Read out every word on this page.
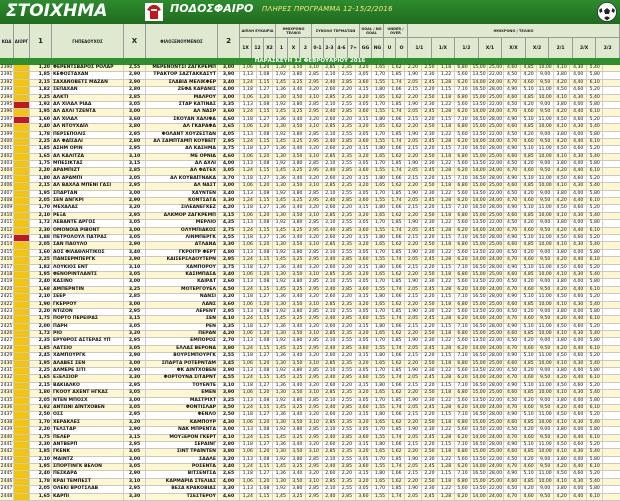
ΣΤΟΙΧΗΜΑ	ΠΟΔΟΣΦΑΙΡΟ ΠΛΗΡΕΣ ΠΡΟΓΡΑΜΜΑ 12-15/2/2016
ΚΩΔ ΔΙΟΡΓ	1	ΓΗΠΕΔΟΥΧΟΣ	Χ	ΦΙΛΟΞΕΝΟΥΜΕΝΟΣ	2
ΔΙΠΛΗ ΕΥΚΑΙΡΙΑ
1X	12	X2
ΗΜΙΧΡΟΝΟ ΤΕΛΙΚΟ
1	X	2
ΣΥΝΟΛΟ ΤΕΡΜΑΤΩΝ
0-1 2-3 4-6 7+
GOAL / NO GOAL
GG	NG
UNDER / OVER
U	O
ΗΜΙΧΡΟΝΟ / ΤΕΛΙΚΟ
1/1	1/X	1/2	X/1	X/X	X/2	2/1	2/X	2/2
ΠΑΡΑΣΚΕΥΗ 12 ΦΕΒΡΟΥΑΡΙΟΥ 2016
2390	1,20 ΦΕΡΕΝΤΣΒΑΡΟΣ ΡΟΛΑΡ	2,55	ΜΕΡΕΝΟΝΤΣΙ ΖΑΓΚΡΕΜΠ	3,00	1,06	1,20	1,30	3,50	3,10	2,85	2,35	3,20	1,65	1,62	2,20	2,50	1,18	6,80	15,00 25,00	4,60	4,85	10,00	4,10	4,30	5,40
2391	1,85 ΚΕΦΟΣΤΑΧΑΝ	2,90	ΤΡΑΚΤΟΡ ΣΑΖΤΑΚΚΑΣΥΤ	3,90	1,13	1,08	1,92	3,80	2,85	2,10	2,55	3,05	1,70	1,85	1,90	2,30	1,22	5,60	13,50 22,00	4,50	4,20	9,00	3,80	4,00	5,80
2392	2,15 ΣΑΧΑΝΟΒΕΤΣ ΜΑΖΑΝ	2,90	ΣΛΑΒΙΑ ΜΕΛΙΚΦΕΡ	3,40	1,24	1,15	1,45	3,25	2,95	2,40	2,85	3,60	1,55	1,74	2,05	2,45	1,28	6,20	14,00 24,00	4,70	4,60	9,50	4,20	4,40	6,10
2393	1,82 ΣΕΠΑΧΑΝ	2,80	ΖΕΦΑ ΚΑΡΑΝΙΣ	4,00	1,18	1,27	1,36	3,40	3,20	2,60	2,20	3,15	1,80	1,66	2,15	2,20	1,15	7,10	16,50 28,00	4,90	5,10	11,00	4,50	4,60	5,20
2394	2,25 ΑΛΚΤΙ	2,85	ΜΑΛΡΟΥ	3,00	1,06	1,20	1,30	3,50	3,10	2,85	2,35	3,20	1,65	1,62	2,20	2,50	1,18	6,80	15,00 25,00	4,60	4,85	10,00	4,10	4,30	5,40
2395	1,92 ΑΛ ΧΙΛΑΛ ΡΙΑΔ	3,05	ΣΤΑΡ ΚΑΤΙΝΑΣ	3,35	1,13	1,08	1,92	3,80	2,85	2,10	2,55	3,05	1,70	1,85	1,90	2,30	1,22	5,60	13,50 22,00	4,50	4,20	9,00	3,80	4,00	5,80
2396	1,95 ΑΛ ΑΧΛΙ ΤΖΕΝΤΑ	3,00	ΑΛ ΝΑΣΡ	3,60	1,24	1,15	1,45	3,25	2,95	2,40	2,85	3,60	1,55	1,74	2,05	2,45	1,28	6,20	14,00 24,00	4,70	4,60	9,50	4,20	4,40	6,10
2397	1,60 ΑΛ ΧΙΛΑΛ	3,60	ΣΚΟΥΑΝ ΧΑΛΙΦΑ	4,60	1,18	1,27	1,36	3,40	3,20	2,60	2,20	3,15	1,80	1,66	2,15	2,20	1,15	7,10	16,50 28,00	4,90	5,10	11,00	4,50	4,60	5,20
2398	2,40 ΑΛ ΝΤΟΥΧΑΪΛ	2,80	ΑΛ ΓΚΑΡΑΦΑ	2,65	1,06	1,20	1,30	3,50	3,10	2,85	2,35	3,20	1,65	1,62	2,20	2,50	1,18	6,80	15,00 25,00	4,60	4,85	10,00	4,10	4,30	5,40
2399	1,78 ΠΕΡΣΕΠΟΛΙΣ	2,95	ΦΟΛΑΝΤ ΧΟΥΖΕΣΤΑΝ	4,05	1,13	1,08	1,92	3,80	2,85	2,10	2,55	3,05	1,70	1,85	1,90	2,30	1,22	5,60	13,50 22,00	4,50	4,20	9,00	3,80	4,00	5,80
2400	2,25 ΑΛ ΦΑΪΣΑΛΙ	2,80	ΑΛ ΣΑΜΠΤΑΜΠ ΚΟΥΒΕΪΤ	2,95	1,24	1,15	1,45	3,25	2,95	2,40	2,85	3,60	1,55	1,74	2,05	2,45	1,28	6,20	14,00 24,00	4,70	4,60	9,50	4,20	4,40	6,10
2401	1,85 ΑΣΗΜ ΟΡΙΝ	2,95	ΑΛ ΚΑΣΗΜΑ	3,75	1,18	1,27	1,36	3,40	3,20	2,60	2,20	3,15	1,80	1,66	2,15	2,20	1,15	7,10	16,50 28,00	4,90	5,10	11,00	4,50	4,60	5,20
2402	1,65 ΑΛ ΚΑΛΙΤΖΑ	3,10	ΜΕ ΟΡΝΙΑ	4,60	1,06	1,20	1,30	3,50	3,10	2,85	2,35	3,20	1,65	1,62	2,20	2,50	1,18	6,80	15,00 25,00	4,60	4,85	10,00	4,10	4,30	5,40
2403	1,75 ΜΠΕΣΙΚΤΑΣ	3,15	ΑΛ ΑΧΛΙ	4,00	1,13	1,08	1,92	3,80	2,85	2,10	2,55	3,05	1,70	1,85	1,90	2,30	1,22	5,60	13,50 22,00	4,50	4,20	9,00	3,80	4,00	5,80
2404	2,20 ΑΡΑΜΠΙΖΤ	2,85	ΑΛ ΦΑΤΕΧ	3,05	1,24	1,15	1,45	3,25	2,95	2,40	2,85	3,60	1,55	1,74	2,05	2,45	1,28	6,20	14,00 24,00	4,70	4,60	9,50	4,20	4,40	6,10
2405	1,80 ΑΛ ΑΡΑΜΠΙ	3,05	ΑΛ ΚΟΥΒΑΪΤΝΑΚΑ	3,70	1,18	1,27	1,36	3,40	3,20	2,60	2,20	3,15	1,80	1,66	2,15	2,20	1,15	7,10	16,50 28,00	4,90	5,10	11,00	4,50	4,60	5,20
2406	2,15 ΑΛ ΒΑΧΛΑ ΜΠΕΝΙ ΓΑΣΙ	2,95	ΑΛ ΝΑΣΤ	3,00	1,06	1,20	1,30	3,50	3,10	2,85	2,35	3,20	1,65	1,62	2,20	2,50	1,18	6,80	15,00 25,00	4,60	4,85	10,00	4,10	4,30	5,40
2407	1,95 ΣΠΑΡΤΑΝ	3,00	ΧΑΥΝΤΕΝ	3,40	1,13	1,08	1,92	3,80	2,85	2,10	2,55	3,05	1,70	1,85	1,90	2,30	1,22	5,60	13,50 22,00	4,50	4,20	9,00	3,80	4,00	5,80
2408	2,05 ΣΕΝ ΑΝΓΚΡΙ	2,90	ΚΟΝΤΣΑΤΑ	3,30	1,24	1,15	1,45	3,25	2,95	2,40	2,85	3,60	1,55	1,74	2,05	2,45	1,28	6,20	14,00 24,00	4,70	4,60	9,50	4,20	4,40	6,10
2409	1,70 ΜΕΧΑΛΑΣ	3,20	ΣΙΛΕΑΝΕΓΚΕΖ	4,20	1,18	1,27	1,36	3,40	3,20	2,60	2,20	3,15	1,80	1,66	2,15	2,20	1,15	7,10	16,50 28,00	4,90	5,10	11,00	4,50	4,60	5,20
2410	2,10 ΡΕΞΑ	2,95	ΑΛΚΜΟΡ ΖΑΓΚΡΕΜΠ	3,15	1,06	1,20	1,30	3,50	3,10	2,85	2,35	3,20	1,65	1,62	2,20	2,50	1,18	6,80	15,00 25,00	4,60	4,85	10,00	4,10	4,30	5,40
2411	1,72 ΛΕΒΑΝΤΕ ΑΡΓΟΣ	3,05	ΜΕΡΛΙΟ	4,35	1,13	1,08	1,92	3,80	2,85	2,10	2,55	3,05	1,70	1,85	1,90	2,30	1,22	5,60	13,50 22,00	4,50	4,20	9,00	3,80	4,00	5,80
2412	2,30 ΟΜΟΝΟΙΑ ΡΙΒΟΝΤ	3,00	ΟΛΥΜΠΙΑΚΟΣ	2,75	1,24	1,15	1,45	3,25	2,95	2,40	2,85	3,60	1,55	1,74	2,05	2,45	1,28	6,20	14,00 24,00	4,70	4,60	9,50	4,20	4,40	6,10
2413	1,88 ΠΕΤΡΟΛΟΥΛ ΠΑΤΡΑΣ	3,05	ΛΙΝΜΠΕΡΓΚ	3,55	1,18	1,27	1,36	3,40	3,20	2,60	2,20	3,15	1,80	1,66	2,15	2,20	1,15	7,10	16,50 28,00	4,90	5,10	11,00	4,50	4,60	5,20
2414	2,05 ΣΑΝ ΠΑΟΥΛΟ	2,90	ΑΤΛΑΝΑ	3,30	1,06	1,20	1,30	3,50	3,10	2,85	2,35	3,20	1,65	1,62	2,20	2,50	1,18	6,80	15,00 25,00	4,60	4,85	10,00	4,10	4,30	5,40
2415	1,60 ΑΟΣ ΦΙΛΑΘΛΗΤΙΚΟΣ	3,40	ΓΚΡΟΙΤΡ ΦΕΡΤ	4,80	1,13	1,08	1,92	3,80	2,85	2,10	2,55	3,05	1,70	1,85	1,90	2,30	1,22	5,60	13,50 22,00	4,50	4,20	9,00	3,80	4,00	5,80
2416	2,25 ΠΑΝΣΕΡΜΠΕΡΓΚ	2,90	ΚΑΙΣΕΡΣΛΑΟΥΤΕΡΝ	2,95	1,24	1,15	1,45	3,25	2,95	2,40	2,85	3,60	1,55	1,74	2,05	2,45	1,28	6,20	14,00 24,00	4,70	4,60	9,50	4,20	4,40	6,10
2417	1,82 ΛΟΥΚΙΟΣ ΕΝΤ	3,10	ΧΑΜΠΟΡΟΥ	3,75	1,18	1,27	1,36	3,40	3,20	2,60	2,20	3,15	1,80	1,66	2,15	2,20	1,15	7,10	16,50 28,00	4,90	5,10	11,00	4,50	4,60	5,20
2418	1,95 ΦΕΝΟΡΙΝΤΛΑΝΤΣ	3,05	ΚΑΣΙΜΠΑΣΑ	3,40	1,06	1,20	1,30	3,50	3,10	2,85	2,35	3,20	1,65	1,62	2,20	2,50	1,18	6,80	15,00 25,00	4,60	4,85	10,00	4,10	4,30	5,40
2419	2,40 ΚΑΣΙΝΟ	3,00	ΚΑΙΡΑΤ	2,60	1,13	1,08	1,92	3,80	2,85	2,10	2,55	3,05	1,70	1,85	1,90	2,30	1,22	5,60	13,50 22,00	4,50	4,20	9,00	3,80	4,00	5,80
2420	1,68 ΑΜΠΕΡΝΤΙΝ	3,25	ΜΟΤΕΡΓΟΥΕΛ	4,50	1,24	1,15	1,45	3,25	2,95	2,40	2,85	3,60	1,55	1,74	2,05	2,45	1,28	6,20	14,00 24,00	4,70	4,60	9,50	4,20	4,40	6,10
2421	2,10 ΣΕΕΡ	2,85	ΝΑΝΣΙ	3,20	1,18	1,27	1,36	3,40	3,20	2,60	2,20	3,15	1,80	1,66	2,15	2,20	1,15	7,10	16,50 28,00	4,90	5,10	11,00	4,50	4,60	5,20
2422	1,90 ΓΚΕΡΡΟΥ	3,00	ΛΑΝΣ	3,60	1,06	1,20	1,30	3,50	3,10	2,85	2,35	3,20	1,65	1,62	2,20	2,50	1,18	6,80	15,00 25,00	4,60	4,85	10,00	4,10	4,30	5,40
2423	2,20 ΝΤΙΖΟΝ	2,95	ΛΕΡΕΝΤ	2,95	1,13	1,08	1,92	3,80	2,85	2,10	2,55	3,05	1,70	1,85	1,90	2,30	1,22	5,60	13,50 22,00	4,50	4,20	9,00	3,80	4,00	5,80
2424	1,75 ΠΟΡΤΟ ΠΕΡΕΙΡΑΣ	3,15	ΣΕΝ	4,10	1,24	1,15	1,45	3,25	2,95	2,40	2,85	3,60	1,55	1,74	2,05	2,45	1,28	6,20	14,00 24,00	4,70	4,60	9,50	4,20	4,40	6,10
2425	2,00 ΠΑΡΗ	3,05	ΡΕΝ	3,35	1,18	1,27	1,36	3,40	3,20	2,60	2,20	3,15	1,80	1,66	2,15	2,20	1,15	7,10	16,50 28,00	4,90	5,10	11,00	4,50	4,60	5,20
2426	1,72 ΡΙΟ	3,20	ΠΕΡΑΝ	4,20	1,06	1,20	1,30	3,50	3,10	2,85	2,35	3,20	1,65	1,62	2,20	2,50	1,18	6,80	15,00 25,00	4,60	4,85	10,00	4,10	4,30	5,40
2427	2,35 ΕΡΥΘΡΟΣ ΑΣΤΕΡΑΣ ΥΠ	2,95	ΕΜΠΟΡΟΣ	2,70	1,13	1,08	1,92	3,80	2,85	2,10	2,55	3,05	1,70	1,85	1,90	2,30	1,22	5,60	13,50 22,00	4,50	4,20	9,00	3,80	4,00	5,80
2428	1,85 ΛΑΤΣΙΟ	3,05	ΕΛΛΑΣ ΒΕΡΟΝΑ	3,80	1,24	1,15	1,45	3,25	2,95	2,40	2,85	3,60	1,55	1,74	2,05	2,45	1,28	6,20	14,00 24,00	4,70	4,60	9,50	4,20	4,40	6,10
2429	2,45 ΧΑΜΠΟΥΡΓΚ	2,90	ΒΟΥΡΣΜΠΟΥΡΓΚ	2,55	1,18	1,27	1,36	3,40	3,20	2,60	2,20	3,15	1,80	1,66	2,15	2,20	1,15	7,10	16,50 28,00	4,90	5,10	11,00	4,50	4,60	5,20
2430	1,95 ΑΛΑΒΕΣ ΣΕΝ	3,00	ΣΠΑΡΤΑ ΡΟΤΕΡΝΤΑΜ	3,45	1,06	1,20	1,30	3,50	3,10	2,85	2,35	3,20	1,65	1,62	2,20	2,50	1,18	6,80	15,00 25,00	4,60	4,85	10,00	4,10	4,30	5,40
2431	2,25 ΑΛΜΕΡΕ ΣΙΤΙ	2,90	ΦΚ ΑΙΝΤΧΟΒΕΝ	2,90	1,13	1,08	1,92	3,80	2,85	2,10	2,55	3,05	1,70	1,85	1,90	2,30	1,22	5,60	13,50 22,00	4,50	4,20	9,00	3,80	4,00	5,80
2432	1,65 ΕΞΕΛΣΙΟΡ	3,30	ΦΟΡΤΟΥΝΑ ΣΙΤΑΡΝΤ	4,55	1,24	1,15	1,45	3,25	2,95	2,40	2,85	3,60	1,55	1,74	2,05	2,45	1,28	6,20	14,00 24,00	4,70	4,60	9,50	4,20	4,40	6,10
2433	2,15 ΒΑΚΙΑΛΚΟ	2,95	ΤΟΥΕΝΤΕ	3,10	1,18	1,27	1,36	3,40	3,20	2,60	2,20	3,15	1,80	1,66	2,15	2,20	1,15	7,10	16,50 28,00	4,90	5,10	11,00	4,50	4,60	5,20
2434	1,80 ΓΚΟΟΥ ΑΧΕΝΤ ΗΓΚΑΣ	3,05	ΕΜΕΝ	3,90	1,06	1,20	1,30	3,50	3,10	2,85	2,35	3,20	1,65	1,62	2,20	2,50	1,18	6,80	15,00 25,00	4,60	4,85	10,00	4,10	4,30	5,40
2435	2,05 ΝΤΕΝ ΜΠΟΣΧ	3,00	ΜΑΣΤΡΙΧΤ	3,25	1,13	1,08	1,92	3,80	2,85	2,10	2,55	3,05	1,70	1,85	1,90	2,30	1,22	5,60	13,50 22,00	4,50	4,20	9,00	3,80	4,00	5,80
2436	1,92 ΑΝΤΩΝΙ ΑΪΝΤΧΟΒΕΝ	3,05	ΦΟΝΤΙΣΛΑΡ	3,50	1,24	1,15	1,45	3,25	2,95	2,40	2,85	3,60	1,55	1,74	2,05	2,45	1,28	6,20	14,00 24,00	4,70	4,60	9,50	4,20	4,40	6,10
2437	2,50 ΟΣΣ	2,95	ΦΕΝΛΟ	2,50	1,18	1,27	1,36	3,40	3,20	2,60	2,20	3,15	1,80	1,66	2,15	2,20	1,15	7,10	16,50 28,00	4,90	5,10	11,00	4,50	4,60	5,20
2438	1,70 ΧΕΡΑΚΛΕΣ	3,20	ΚΑΜΠΟΥΡ	4,30	1,06	1,20	1,30	3,50	3,10	2,85	2,35	3,20	1,65	1,62	2,20	2,50	1,18	6,80	15,00 25,00	4,60	4,85	10,00	4,10	4,30	5,40
2439	2,20 ΤΕΛΣΤΑΡ	2,90	ΝΑΚ ΜΠΡΕΝΤΑ	3,00	1,13	1,08	1,92	3,80	2,85	2,10	2,55	3,05	1,70	1,85	1,90	2,30	1,22	5,60	13,50 22,00	4,50	4,20	9,00	3,80	4,00	5,80
2440	1,75 ΠΕΛΕΡ	3,15	ΜΟΥΞΕΡΟΝ ΓΚΕΡΤ	4,10	1,24	1,15	1,45	3,25	2,95	2,40	2,85	3,60	1,55	1,74	2,05	2,45	1,28	6,20	14,00 24,00	4,70	4,60	9,50	4,20	4,40	6,10
2441	2,30 ΑΝΤΒΕΡΠ	2,95	ΣΕΡΑΙΝΓ	2,80	1,18	1,27	1,36	3,40	3,20	2,60	2,20	3,15	1,80	1,66	2,15	2,20	1,15	7,10	16,50 28,00	4,90	5,10	11,00	4,50	4,60	5,20
2442	1,85 ΓΚΕΝΚ	3,05	ΣΙΝΤ ΤΡΑΪΝΤΕΝ	3,80	1,06	1,20	1,30	3,50	3,10	2,85	2,35	3,20	1,65	1,62	2,20	2,50	1,18	6,80	15,00 25,00	4,60	4,85	10,00	4,10	4,30	5,40
2443	2,10 ΜΑΙΝΤΖ	3,00	ΣΑΑΛΕ	3,20	1,13	1,08	1,92	3,80	2,85	2,10	2,55	3,05	1,70	1,85	1,90	2,30	1,22	5,60	13,50 22,00	4,50	4,20	9,00	3,80	4,00	5,80
2444	1,95 ΣΠΟΡΤΙΝΓΚ ΒΕΛΟΝ	3,05	ΡΟΣΕΝΤΑ	3,40	1,24	1,15	1,45	3,25	2,95	2,40	2,85	3,60	1,55	1,74	2,05	2,45	1,28	6,20	14,00 24,00	4,70	4,60	9,50	4,20	4,40	6,10
2445	2,40 ΠΕΣΚΑΡΑ	2,90	ΒΙΤΣΕΝΤΣΑ	2,65	1,18	1,27	1,36	3,40	3,20	2,60	2,20	3,15	1,80	1,66	2,15	2,20	1,15	7,10	16,50 28,00	4,90	5,10	11,00	4,50	4,60	5,20
2446	1,78 ΚΡΑΙ ΤΕΜΠΕΣΤ	3,10	ΚΑΡΜΑΡΙΑ ΣΤΕΛΙΑΣ	4,00	1,06	1,20	1,30	3,50	3,10	2,85	2,35	3,20	1,65	1,62	2,20	2,50	1,18	6,80	15,00 25,00	4,60	4,85	10,00	4,10	4,30	5,40
2447	2,05 ΟΛΕΚΙ ΒΡΟΤΣΛΑΒ	2,95	ΒΕΣΑ ΚΡΑΚΟΒΙΑΣ	3,30	1,13	1,08	1,92	3,80	2,85	2,10	2,55	3,05	1,70	1,85	1,90	2,30	1,22	5,60	13,50 22,00	4,50	4,20	9,00	3,80	4,00	5,80
2448	1,65 ΚΑΡΠΙ	3,30	ΤΣΕΣΤΕΡΟΥ	4,60	1,24	1,15	1,45	3,25	2,95	2,40	2,85	3,60	1,55	1,74	2,05	2,45	1,28	6,20	14,00 24,00	4,70	4,60	9,50	4,20	4,40	6,10
